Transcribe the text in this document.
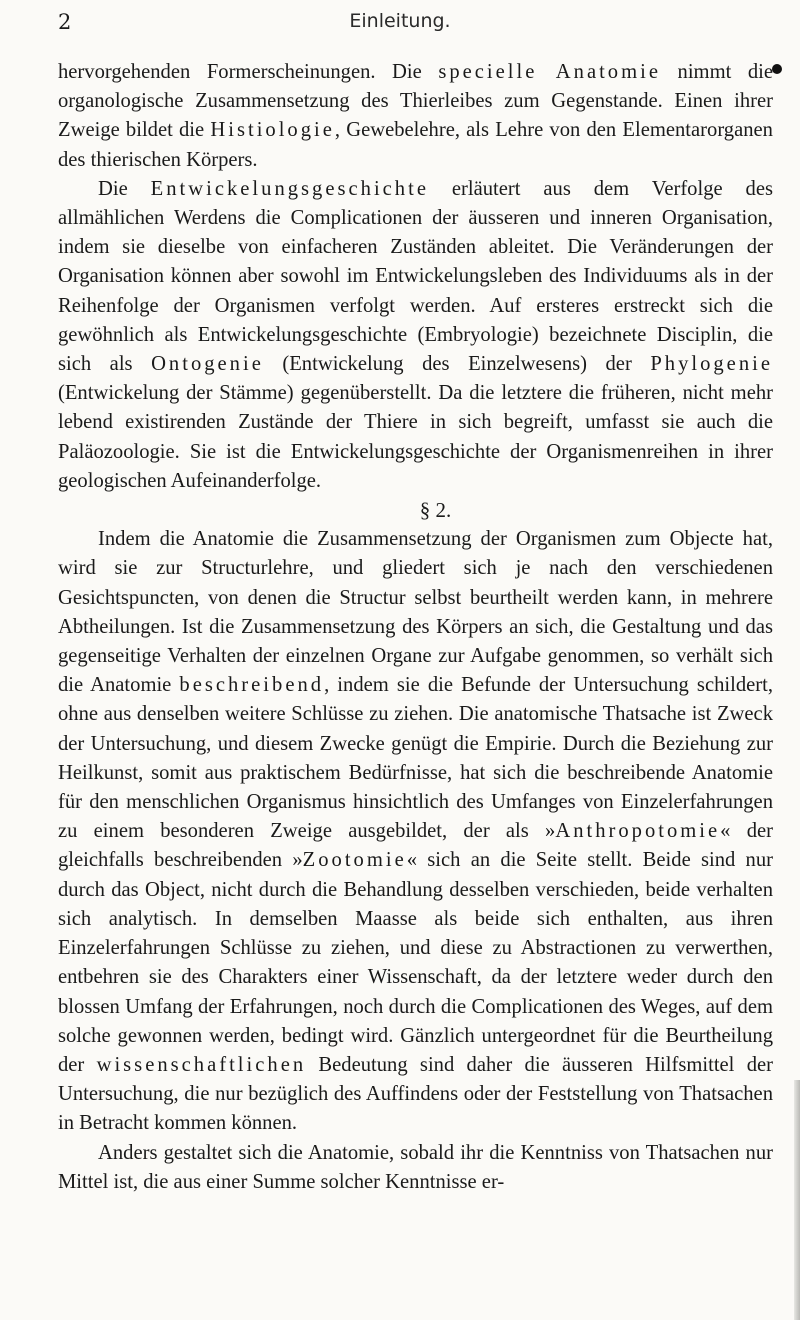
2	Einleitung.

hervorgehenden Formerscheinungen. Die specielle Anatomie nimmt die organologische Zusammensetzung des Thierleibes zum Gegenstande. Einen ihrer Zweige bildet die Histiologie, Gewebelehre, als Lehre von den Elementarorganen des thierischen Körpers.

Die Entwickelungsgeschichte erläutert aus dem Verfolge des allmählichen Werdens die Complicationen der äusseren und inneren Organisation, indem sie dieselbe von einfacheren Zuständen ableitet. Die Veränderungen der Organisation können aber sowohl im Entwickelungsleben des Individuums als in der Reihenfolge der Organismen verfolgt werden. Auf ersteres erstreckt sich die gewöhnlich als Entwickelungsgeschichte (Embryologie) bezeichnete Disciplin, die sich als Ontogenie (Entwickelung des Einzelwesens) der Phylogenie (Entwickelung der Stämme) gegenüberstellt. Da die letztere die früheren, nicht mehr lebend existirenden Zustände der Thiere in sich begreift, umfasst sie auch die Paläozoologie. Sie ist die Entwickelungsgeschichte der Organismenreihen in ihrer geologischen Aufeinanderfolge.

§ 2.

Indem die Anatomie die Zusammensetzung der Organismen zum Objecte hat, wird sie zur Structurlehre, und gliedert sich je nach den verschiedenen Gesichtspuncten, von denen die Structur selbst beurtheilt werden kann, in mehrere Abtheilungen. Ist die Zusammensetzung des Körpers an sich, die Gestaltung und das gegenseitige Verhalten der einzelnen Organe zur Aufgabe genommen, so verhält sich die Anatomie beschreibend, indem sie die Befunde der Untersuchung schildert, ohne aus denselben weitere Schlüsse zu ziehen. Die anatomische Thatsache ist Zweck der Untersuchung, und diesem Zwecke genügt die Empirie. Durch die Beziehung zur Heilkunst, somit aus praktischem Bedürfnisse, hat sich die beschreibende Anatomie für den menschlichen Organismus hinsichtlich des Umfanges von Einzelerfahrungen zu einem besonderen Zweige ausgebildet, der als »Anthropotomie« der gleichfalls beschreibenden »Zootomie« sich an die Seite stellt. Beide sind nur durch das Object, nicht durch die Behandlung desselben verschieden, beide verhalten sich analytisch. In demselben Maasse als beide sich enthalten, aus ihren Einzelerfahrungen Schlüsse zu ziehen, und diese zu Abstractionen zu verwerthen, entbehren sie des Charakters einer Wissenschaft, da der letztere weder durch den blossen Umfang der Erfahrungen, noch durch die Complicationen des Weges, auf dem solche gewonnen werden, bedingt wird. Gänzlich untergeordnet für die Beurtheilung der wissenschaftlichen Bedeutung sind daher die äusseren Hilfsmittel der Untersuchung, die nur bezüglich des Auffindens oder der Feststellung von Thatsachen in Betracht kommen können.

Anders gestaltet sich die Anatomie, sobald ihr die Kenntniss von Thatsachen nur Mittel ist, die aus einer Summe solcher Kenntnisse er-
